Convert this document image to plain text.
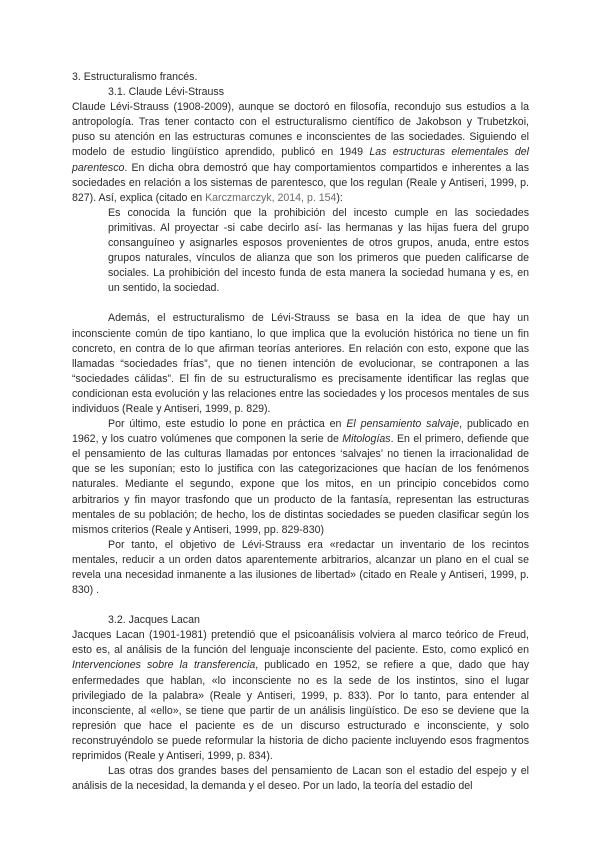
3. Estructuralismo francés.

3.1. Claude Lévi-Strauss

Claude Lévi-Strauss (1908-2009), aunque se doctoró en filosofía, recondujo sus estudios a la antropología. Tras tener contacto con el estructuralismo científico de Jakobson y Trubetzkoi, puso su atención en las estructuras comunes e inconscientes de las sociedades. Siguiendo el modelo de estudio lingüístico aprendido, publicó en 1949 Las estructuras elementales del parentesco. En dicha obra demostró que hay comportamientos compartidos e inherentes a las sociedades en relación a los sistemas de parentesco, que los regulan (Reale y Antiseri, 1999, p. 827). Así, explica (citado en Karczmarczyk, 2014, p. 154):

Es conocida la función que la prohibición del incesto cumple en las sociedades primitivas. Al proyectar -si cabe decirlo así- las hermanas y las hijas fuera del grupo consanguíneo y asignarles esposos provenientes de otros grupos, anuda, entre estos grupos naturales, vínculos de alianza que son los primeros que pueden calificarse de sociales. La prohibición del incesto funda de esta manera la sociedad humana y es, en un sentido, la sociedad.

Además, el estructuralismo de Lévi-Strauss se basa en la idea de que hay un inconsciente común de tipo kantiano, lo que implica que la evolución histórica no tiene un fin concreto, en contra de lo que afirman teorías anteriores. En relación con esto, expone que las llamadas “sociedades frías”, que no tienen intención de evolucionar, se contraponen a las “sociedades cálidas”. El fin de su estructuralismo es precisamente identificar las reglas que condicionan esta evolución y las relaciones entre las sociedades y los procesos mentales de sus individuos (Reale y Antiseri, 1999, p. 829).

Por último, este estudio lo pone en práctica en El pensamiento salvaje, publicado en 1962, y los cuatro volúmenes que componen la serie de Mitologías. En el primero, defiende que el pensamiento de las culturas llamadas por entonces ‘salvajes’ no tienen la irracionalidad de que se les suponían; esto lo justifica con las categorizaciones que hacían de los fenómenos naturales. Mediante el segundo, expone que los mitos, en un principio concebidos como arbitrarios y fin mayor trasfondo que un producto de la fantasía, representan las estructuras mentales de su población; de hecho, los de distintas sociedades se pueden clasificar según los mismos criterios (Reale y Antiseri, 1999, pp. 829-830)

Por tanto, el objetivo de Lévi-Strauss era «redactar un inventario de los recintos mentales, reducir a un orden datos aparentemente arbitrarios, alcanzar un plano en el cual se revela una necesidad inmanente a las ilusiones de libertad» (citado en Reale y Antiseri, 1999, p. 830) .

3.2. Jacques Lacan

Jacques Lacan (1901-1981) pretendió que el psicoanálisis volviera al marco teórico de Freud, esto es, al análisis de la función del lenguaje inconsciente del paciente. Esto, como explicó en Intervenciones sobre la transferencia, publicado en 1952, se refiere a que, dado que hay enfermedades que hablan, «lo inconsciente no es la sede de los instintos, sino el lugar privilegiado de la palabra» (Reale y Antiseri, 1999, p. 833). Por lo tanto, para entender al inconsciente, al «ello», se tiene que partir de un análisis lingüístico. De eso se deviene que la represión que hace el paciente es de un discurso estructurado e inconsciente, y solo reconstruyéndolo se puede reformular la historia de dicho paciente incluyendo esos fragmentos reprimidos (Reale y Antiseri, 1999, p. 834).

Las otras dos grandes bases del pensamiento de Lacan son el estadio del espejo y el análisis de la necesidad, la demanda y el deseo. Por un lado, la teoría del estadio del
